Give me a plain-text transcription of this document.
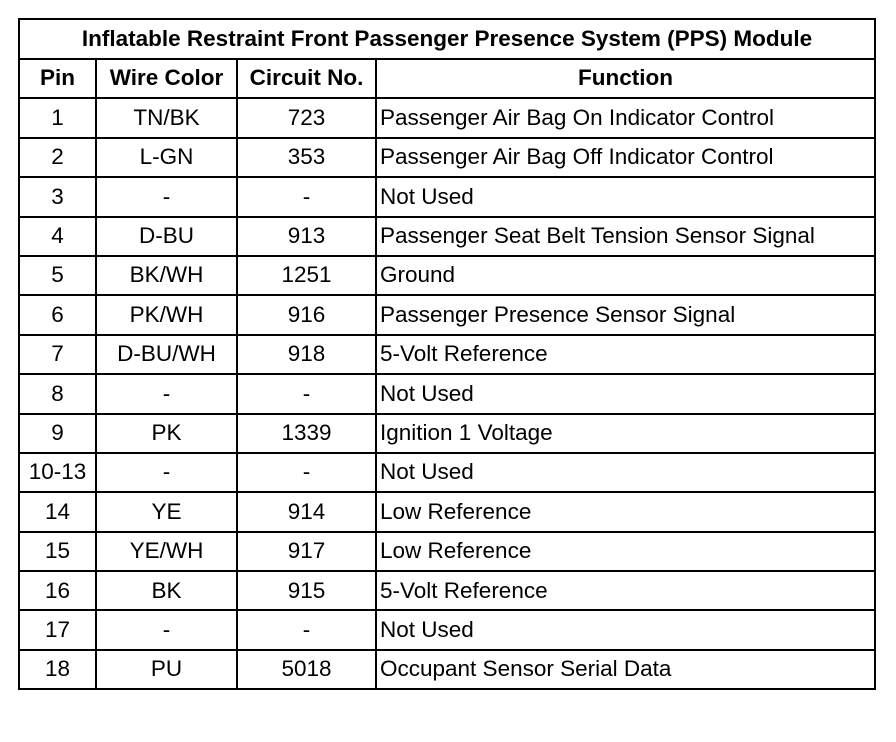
Inflatable Restraint Front Passenger Presence System (PPS) Module			
Pin	Wire Color	Circuit No.	Function
1	TN/BK	723	Passenger Air Bag On Indicator Control
2	L-GN	353	Passenger Air Bag Off Indicator Control
3	-	-	Not Used
4	D-BU	913	Passenger Seat Belt Tension Sensor Signal
5	BK/WH	1251	Ground
6	PK/WH	916	Passenger Presence Sensor Signal
7	D-BU/WH	918	5-Volt Reference
8	-	-	Not Used
9	PK	1339	Ignition 1 Voltage
10-13	-	-	Not Used
14	YE	914	Low Reference
15	YE/WH	917	Low Reference
16	BK	915	5-Volt Reference
17	-	-	Not Used
18	PU	5018	Occupant Sensor Serial Data
